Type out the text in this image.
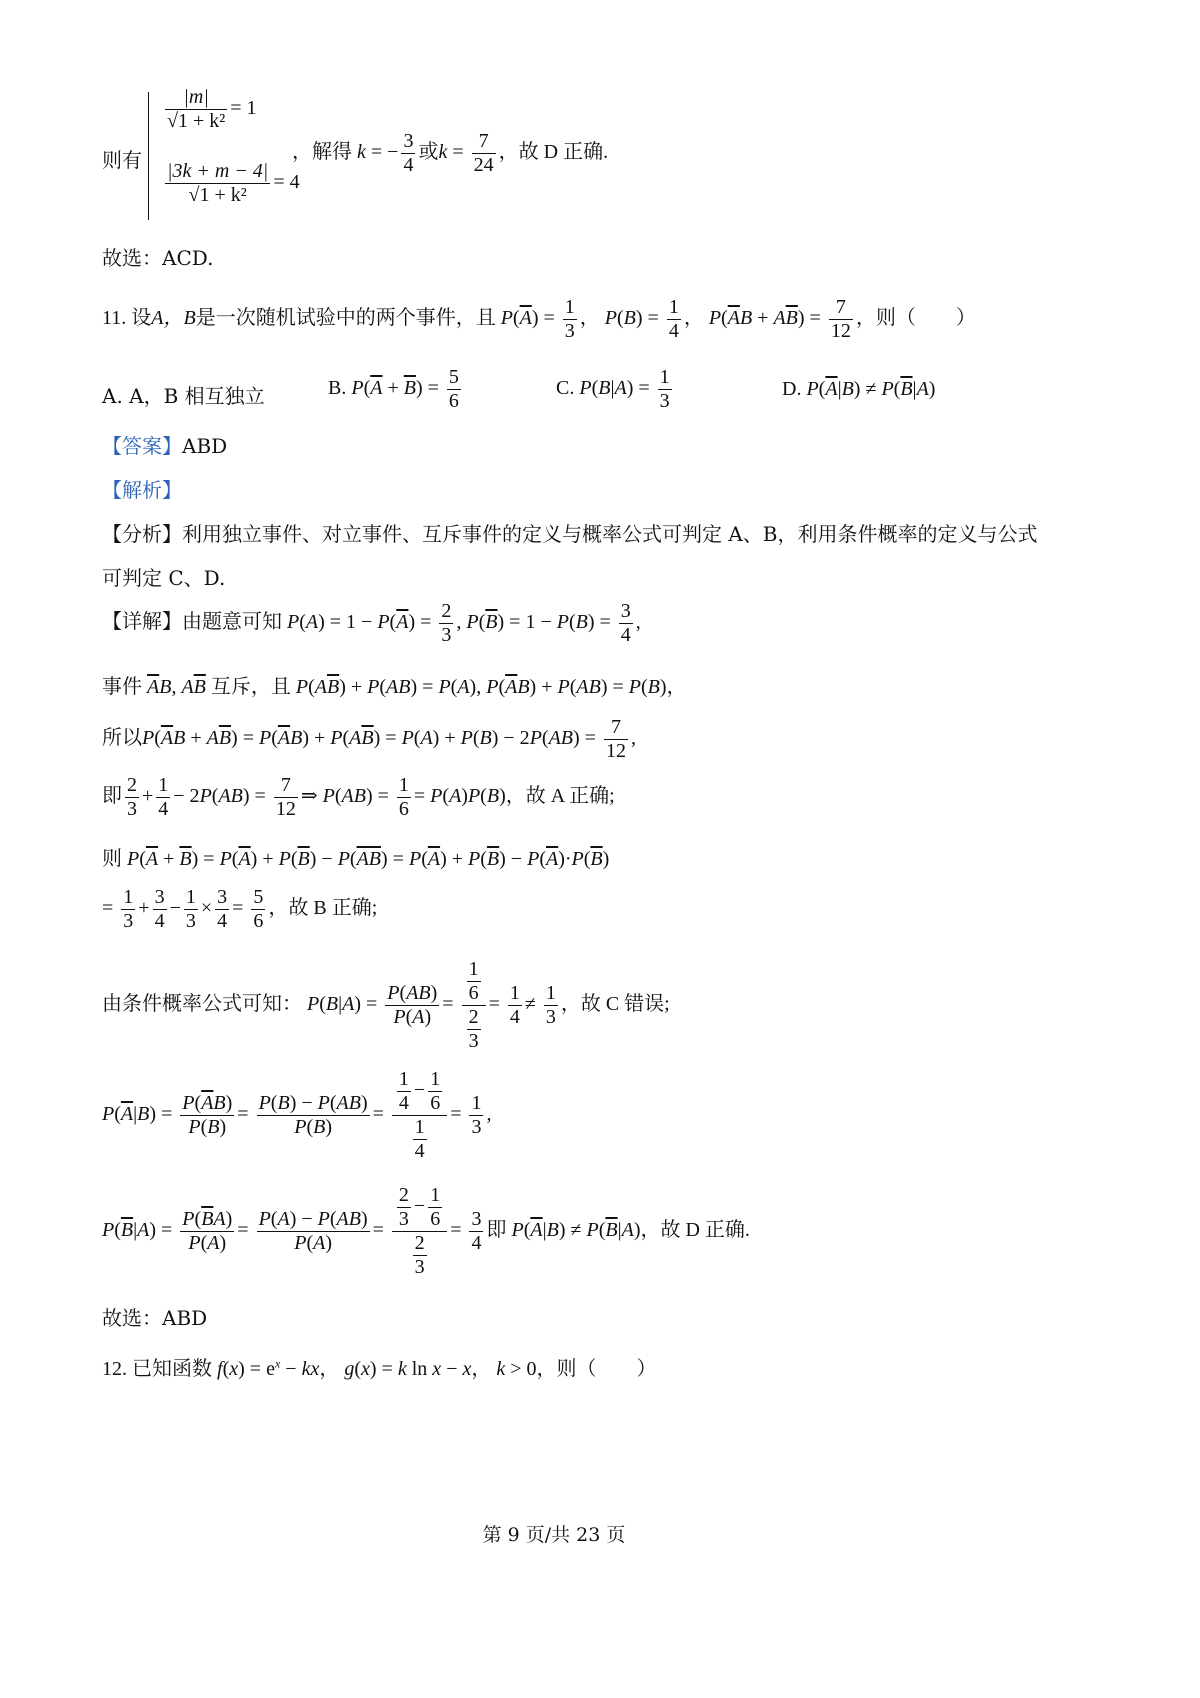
则有
$\frac{|m|}{\text{√1 + k²}} = 1$
$\frac{|3k + m - 4|}{\text{√1 + k²}} = 4$
，解得 k = − $\frac{3}{4}$ 或$k = \frac{7}{24}$ ，故 D 正确.
故选：ACD.
11. 设A，B是一次随机试验中的两个事件，且 $P(\overline{A}) = \frac{1}{3}$ ， $P(B) = \frac{1}{4}$ ， $P(\overline{A}B + A\overline{B}) = \frac{7}{12}$ ，则（　　）
A. A，B 相互独立	B. $P(\overline{A} + \overline{B}) = \frac{5}{6}$	C. $P(B|A) = \frac{1}{3}$	D. $P(\overline{A}|B) \ne P(\overline{B}|A)$
【答案】ABD
【解析】
【分析】利用独立事件、对立事件、互斥事件的定义与概率公式可判定 A、B，利用条件概率的定义与公式
可判定 C、D.
【详解】由题意可知 $P(A) = 1 - P(\overline{A}) = \frac{2}{3}$ , $P(\overline{B}) = 1 - P(B) = \frac{3}{4}$ ,
事件 $\overline{A}B$, $A\overline{B}$ 互斥，且 $P(A\overline{B}) + P(AB) = P(A)$, $P(\overline{A}B) + P(AB) = P(B)$，
所以$P(\overline{A}B + A\overline{B}) = P(\overline{A}B) + P(A\overline{B}) = P(A) + P(B) - 2P(AB) = \frac{7}{12}$ ,
即 $\frac{2}{3} + \frac{1}{4} - 2P(AB) = \frac{7}{12}$ ⇒ $P(AB) = \frac{1}{6} = P(A)P(B)$，故 A 正确;
则 $P(\overline{A} + \overline{B}) = P(\overline{A}) + P(\overline{B}) - P(\overline{AB}) = P(\overline{A}) + P(\overline{B}) - P(\overline{A})\cdot P(\overline{B})$
= $\frac{1}{3} + \frac{3}{4} - \frac{1}{3} \times \frac{3}{4} = \frac{5}{6}$ ，故 B 正确;
由条件概率公式可知： $P(B|A) = \frac{P(AB)}{P(A)} = \frac{\frac{1}{6}}{\frac{2}{3}} = \frac{1}{4} \ne \frac{1}{3}$ ，故 C 错误;
$P(\overline{A}|B) = \frac{P(\overline{A}B)}{P(B)} = \frac{P(B) - P(AB)}{P(B)} = \frac{\frac{1}{4} - \frac{1}{6}}{\frac{1}{4}} = \frac{1}{3}$ ,
$P(\overline{B}|A) = \frac{P(\overline{B}A)}{P(A)} = \frac{P(A) - P(AB)}{P(A)} = \frac{\frac{2}{3} - \frac{1}{6}}{\frac{2}{3}} = \frac{3}{4}$ 即 $P(\overline{A}|B) \ne P(\overline{B}|A)$，故 D 正确.
故选：ABD
12. 已知函数 $f(x) = e^x$ − kx， g(x) = k ln x − x， k > 0，则（　　）
第 9 页/共 23 页
